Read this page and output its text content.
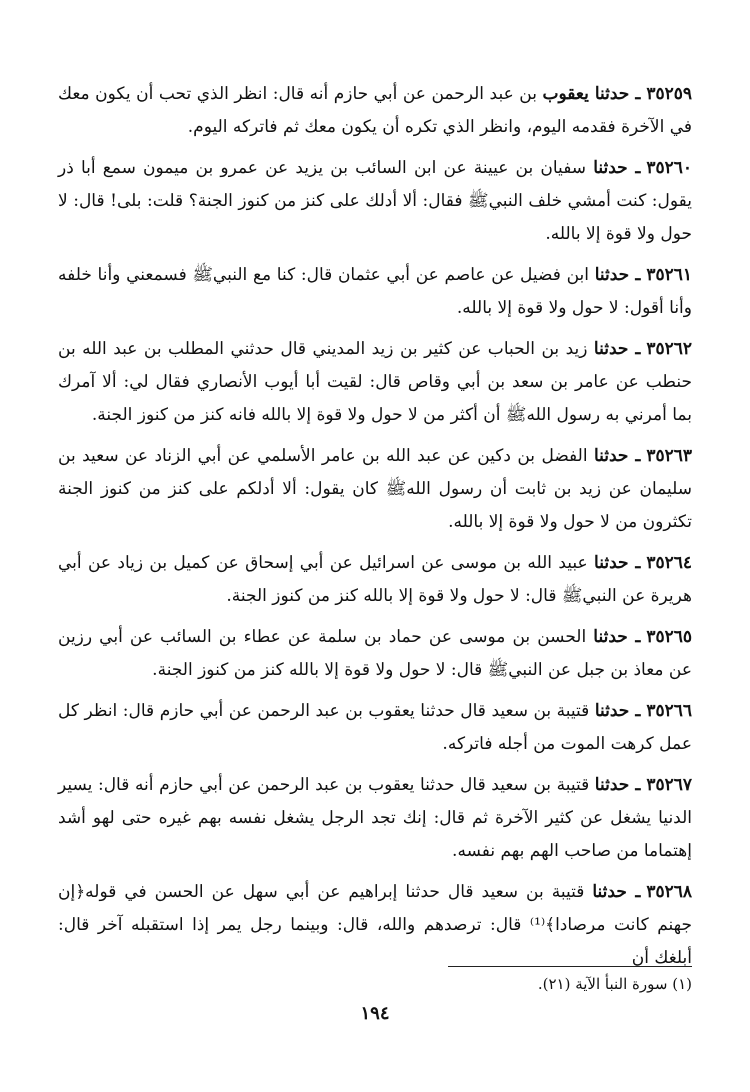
٣٥٢٥٩ـ حدثنا يعقوب بن عبد الرحمن عن أبي حازم أنه قال: انظر الذي تحب أن يكون معك في الآخرة فقدمه اليوم، وانظر الذي تكره أن يكون معك ثم فاتركه اليوم.

٣٥٢٦٠ـ حدثنا سفيان بن عيينة عن ابن السائب بن يزيد عن عمرو بن ميمون سمع أبا ذر يقول: كنت أمشي خلف النبيﷺ فقال: ألا أدلك على كنز من كنوز الجنة؟ قلت: بلى! قال: لا حول ولا قوة إلا بالله.

٣٥٢٦١ـ حدثنا ابن فضيل عن عاصم عن أبي عثمان قال: كنا مع النبيﷺ فسمعني وأنا خلفه وأنا أقول: لا حول ولا قوة إلا بالله.

٣٥٢٦٢ـ حدثنا زيد بن الحباب عن كثير بن زيد المديني قال حدثني المطلب بن عبد الله بن حنطب عن عامر بن سعد بن أبي وقاص قال: لقيت أبا أيوب الأنصاري فقال لي: ألا آمرك بما أمرني به رسول اللهﷺ أن أكثر من لا حول ولا قوة إلا بالله فانه كنز من كنوز الجنة.

٣٥٢٦٣ـ حدثنا الفضل بن دكين عن عبد الله بن عامر الأسلمي عن أبي الزناد عن سعيد بن سليمان عن زيد بن ثابت أن رسول اللهﷺ كان يقول: ألا أدلكم على كنز من كنوز الجنة تكثرون من لا حول ولا قوة إلا بالله.

٣٥٢٦٤ـ حدثنا عبيد الله بن موسى عن اسرائيل عن أبي إسحاق عن كميل بن زياد عن أبي هريرة عن النبيﷺ قال: لا حول ولا قوة إلا بالله كنز من كنوز الجنة.

٣٥٢٦٥ـ حدثنا الحسن بن موسى عن حماد بن سلمة عن عطاء بن السائب عن أبي رزين عن معاذ بن جبل عن النبيﷺ قال: لا حول ولا قوة إلا بالله كنز من كنوز الجنة.

٣٥٢٦٦ـ حدثنا قتيبة بن سعيد قال حدثنا يعقوب بن عبد الرحمن عن أبي حازم قال: انظر كل عمل كرهت الموت من أجله فاتركه.

٣٥٢٦٧ـ حدثنا قتيبة بن سعيد قال حدثنا يعقوب بن عبد الرحمن عن أبي حازم أنه قال: يسير الدنيا يشغل عن كثير الآخرة ثم قال: إنك تجد الرجل يشغل نفسه بهم غيره حتى لهو أشد إهتماما من صاحب الهم بهم نفسه.

٣٥٢٦٨ـ حدثنا قتيبة بن سعيد قال حدثنا إبراهيم عن أبي سهل عن الحسن في قوله﴿إن جهنم كانت مرصادا﴾⁽¹⁾ قال: ترصدهم والله، قال: وبينما رجل يمر إذا استقبله آخر قال: أبلغك أن

(١) سورة النبأ الآية (٢١).
١٩٤
